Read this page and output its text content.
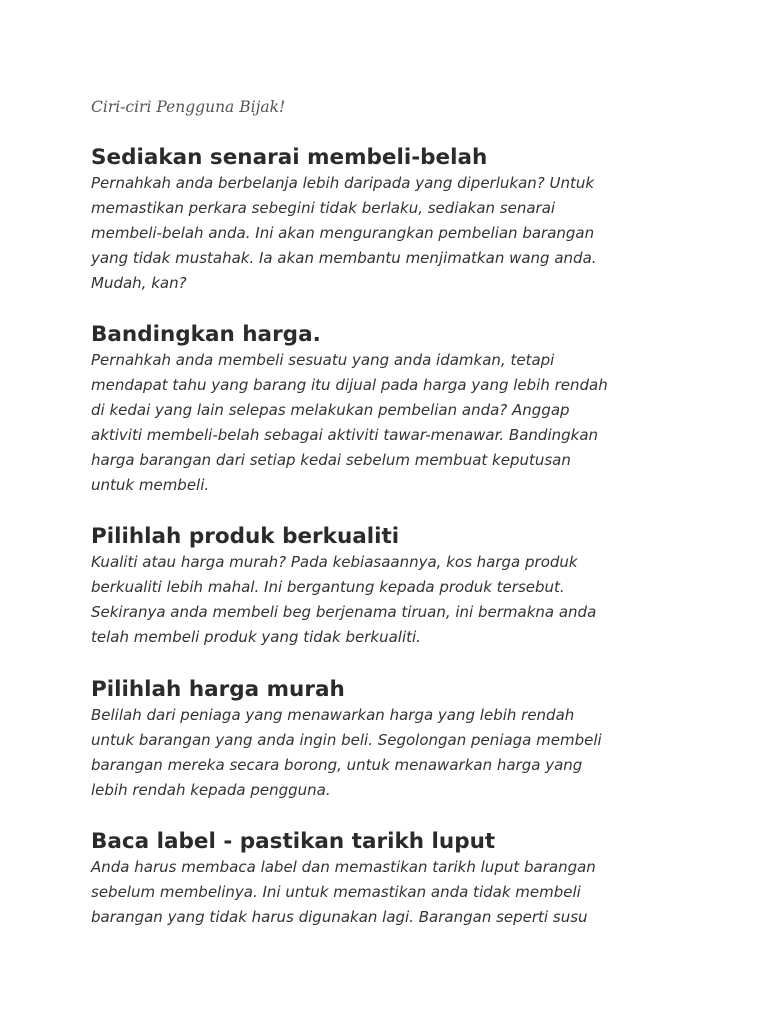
Ciri-ciri Pengguna Bijak!

Sediakan senarai membeli-belah

Pernahkah anda berbelanja lebih daripada yang diperlukan? Untuk
memastikan perkara sebegini tidak berlaku, sediakan senarai
membeli-belah anda. Ini akan mengurangkan pembelian barangan
yang tidak mustahak. Ia akan membantu menjimatkan wang anda.
Mudah, kan?

Bandingkan harga.

Pernahkah anda membeli sesuatu yang anda idamkan, tetapi
mendapat tahu yang barang itu dijual pada harga yang lebih rendah
di kedai yang lain selepas melakukan pembelian anda? Anggap
aktiviti membeli-belah sebagai aktiviti tawar-menawar. Bandingkan
harga barangan dari setiap kedai sebelum membuat keputusan
untuk membeli.

Pilihlah produk berkualiti

Kualiti atau harga murah? Pada kebiasaannya, kos harga produk
berkualiti lebih mahal. Ini bergantung kepada produk tersebut.
Sekiranya anda membeli beg berjenama tiruan, ini bermakna anda
telah membeli produk yang tidak berkualiti.

Pilihlah harga murah

Belilah dari peniaga yang menawarkan harga yang lebih rendah
untuk barangan yang anda ingin beli. Segolongan peniaga membeli
barangan mereka secara borong, untuk menawarkan harga yang
lebih rendah kepada pengguna.

Baca label - pastikan tarikh luput

Anda harus membaca label dan memastikan tarikh luput barangan
sebelum membelinya. Ini untuk memastikan anda tidak membeli
barangan yang tidak harus digunakan lagi. Barangan seperti susu
